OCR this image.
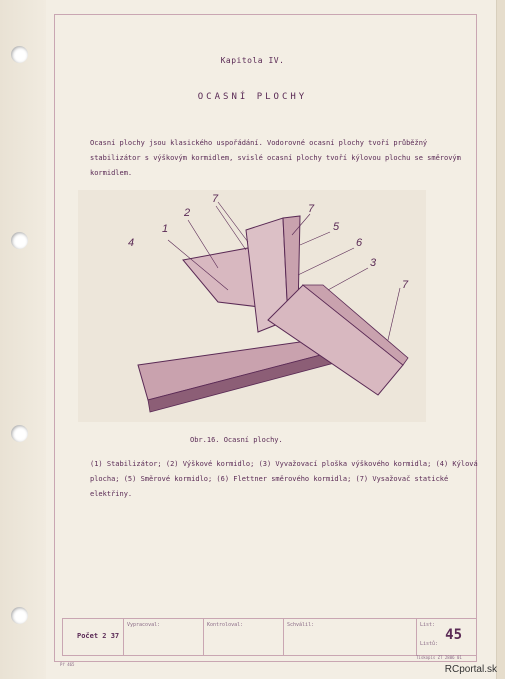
Kapitola IV.
OCASNÍ PLOCHY
Ocasní plochy jsou klasického uspořádání. Vodorovné ocasní plochy tvoří průběžný stabilizátor s výškovým kormidlem, svislé ocasní plochy tvoří kýlovou plochu se směrovým kormidlem.
1
2
7
7
5
4	6
3
7
Obr.16. Ocasní plochy.
(1) Stabilizátor; (2) Výškové kormidlo; (3) Vyvažovací ploška výškového kormidla; (4) Kýlová plocha; (5) Směrové kormidlo; (6) Flettner směrového kormidla; (7) Vysažovač statické elektřiny.
Počet 2 37
Vypracoval:	Kontroloval:	Schválil:	List:
Listů:
45
Př 465
Tiskopis ZT 2806 01
RCportal.sk
